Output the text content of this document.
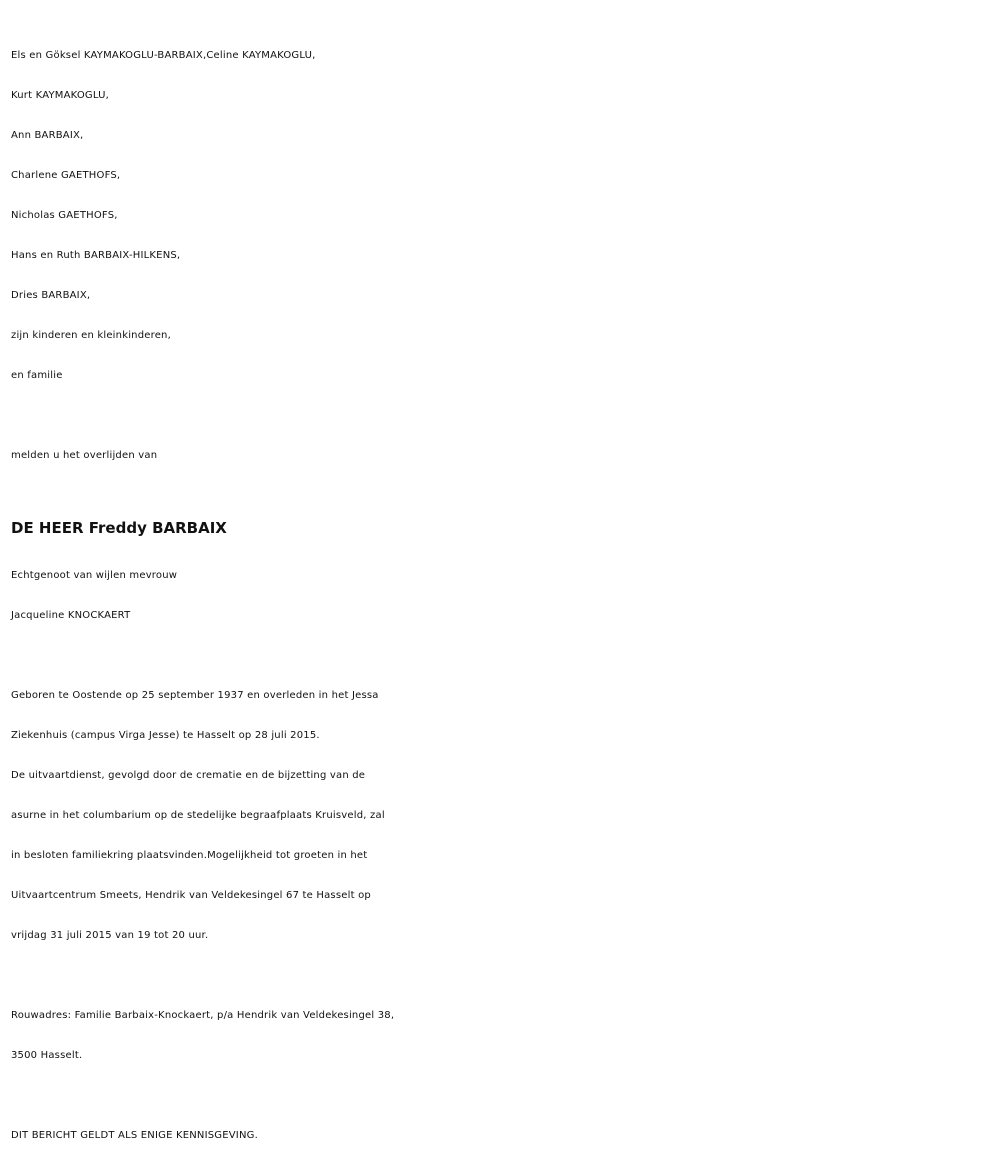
Els en Göksel KAYMAKOGLU-BARBAIX,Celine KAYMAKOGLU,
Kurt KAYMAKOGLU,
Ann BARBAIX,
Charlene GAETHOFS,
Nicholas GAETHOFS,
Hans en Ruth BARBAIX-HILKENS,
Dries BARBAIX,
zijn kinderen en kleinkinderen,
en familie
melden u het overlijden van
DE HEER Freddy BARBAIX
Echtgenoot van wijlen mevrouw
Jacqueline KNOCKAERT
Geboren te Oostende op 25 september 1937 en overleden in het Jessa
Ziekenhuis (campus Virga Jesse) te Hasselt op 28 juli 2015.
De uitvaartdienst, gevolgd door de crematie en de bijzetting van de
asurne in het columbarium op de stedelijke begraafplaats Kruisveld, zal
in besloten familiekring plaatsvinden.Mogelijkheid tot groeten in het
Uitvaartcentrum Smeets, Hendrik van Veldekesingel 67 te Hasselt op
vrijdag 31 juli 2015 van 19 tot 20 uur.
Rouwadres: Familie Barbaix-Knockaert, p/a Hendrik van Veldekesingel 38,
3500 Hasselt.
DIT BERICHT GELDT ALS ENIGE KENNISGEVING.
